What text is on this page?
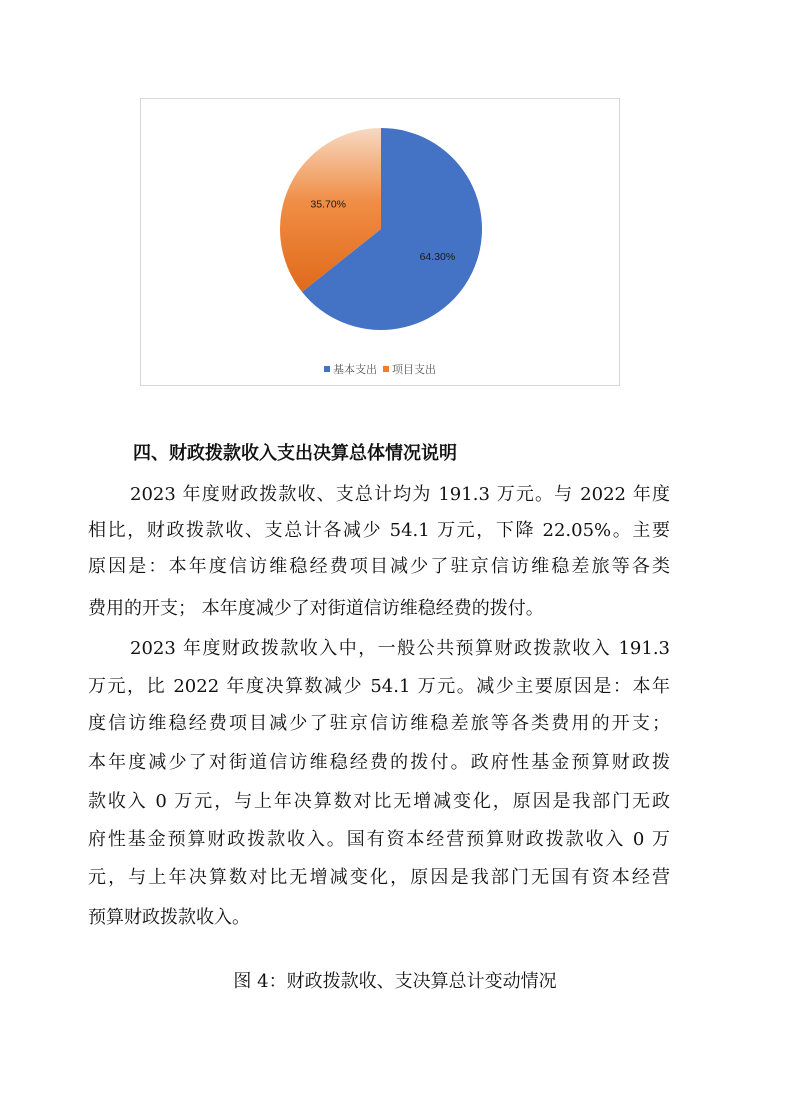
64.30%
35.70%
基本支出 项目支出
四、财政拨款收入支出决算总体情况说明
2023 年度财政拨款收、支总计均为 191.3 万元。与 2022 年度
相比，财政拨款收、支总计各减少 54.1 万元，下降 22.05%。主要
原因是：本年度信访维稳经费项目减少了驻京信访维稳差旅等各类
费用的开支； 本年度减少了对街道信访维稳经费的拨付。
2023 年度财政拨款收入中，一般公共预算财政拨款收入 191.3
万元，比 2022 年度决算数减少 54.1 万元。减少主要原因是：本年
度信访维稳经费项目减少了驻京信访维稳差旅等各类费用的开支；
本年度减少了对街道信访维稳经费的拨付。政府性基金预算财政拨
款收入 0 万元，与上年决算数对比无增减变化，原因是我部门无政
府性基金预算财政拨款收入。国有资本经营预算财政拨款收入 0 万
元，与上年决算数对比无增减变化，原因是我部门无国有资本经营
预算财政拨款收入。
图 4：财政拨款收、支决算总计变动情况
